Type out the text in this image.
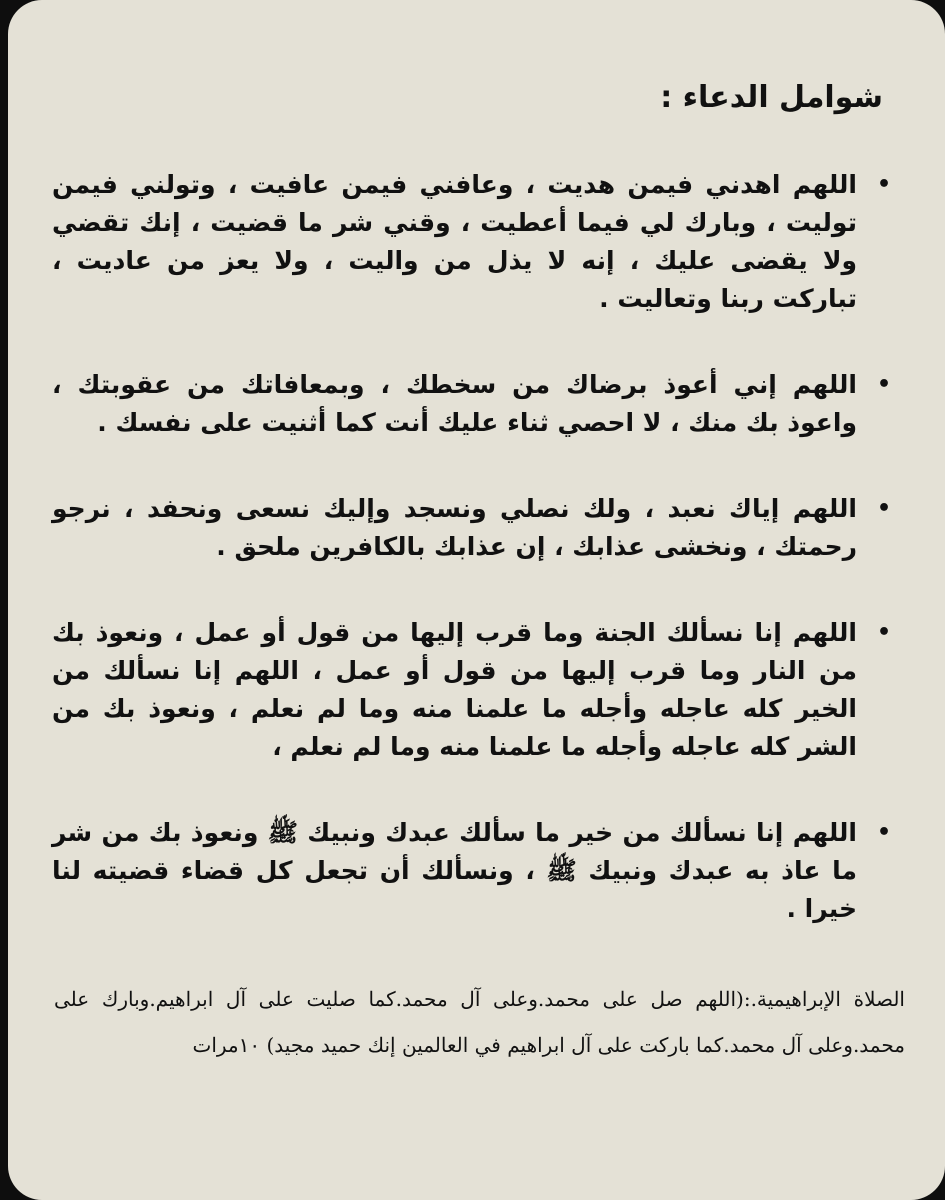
شوامل الدعاء :
•
اللهم اهدني فيمن هديت ، وعافني فيمن عافيت ، وتولني فيمن توليت ، وبارك لي فيما أعطيت ، وقني شر ما قضيت ، إنك تقضي ولا يقضى عليك ، إنه لا يذل من واليت ، ولا يعز من عاديت ، تباركت ربنا وتعاليت .
•
اللهم إني أعوذ برضاك من سخطك ، وبمعافاتك من عقوبتك ، واعوذ بك منك ، لا احصي ثناء عليك أنت كما أثنيت على نفسك .
•
اللهم إياك نعبد ، ولك نصلي ونسجد وإليك نسعى ونحفد ، نرجو رحمتك ، ونخشى عذابك ، إن عذابك بالكافرين ملحق .
•
اللهم إنا نسألك الجنة وما قرب إليها من قول أو عمل ، ونعوذ بك من النار وما قرب إليها من قول أو عمل ، اللهم إنا نسألك من الخير كله عاجله وأجله ما علمنا منه وما لم نعلم ، ونعوذ بك من الشر كله عاجله وأجله ما علمنا منه وما لم نعلم ،
•
اللهم إنا نسألك من خير ما سألك عبدك ونبيك ﷺ ونعوذ بك من شر ما عاذ به عبدك ونبيك ﷺ ، ونسألك أن تجعل كل قضاء قضيته لنا خيرا .
الصلاة الإبراهيمية.:(اللهم صل على محمد.وعلى آل محمد.كما صليت على آل ابراهيم.وبارك على محمد.وعلى آل محمد.كما باركت على آل ابراهيم في العالمين إنك حميد مجيد) ١٠مرات
